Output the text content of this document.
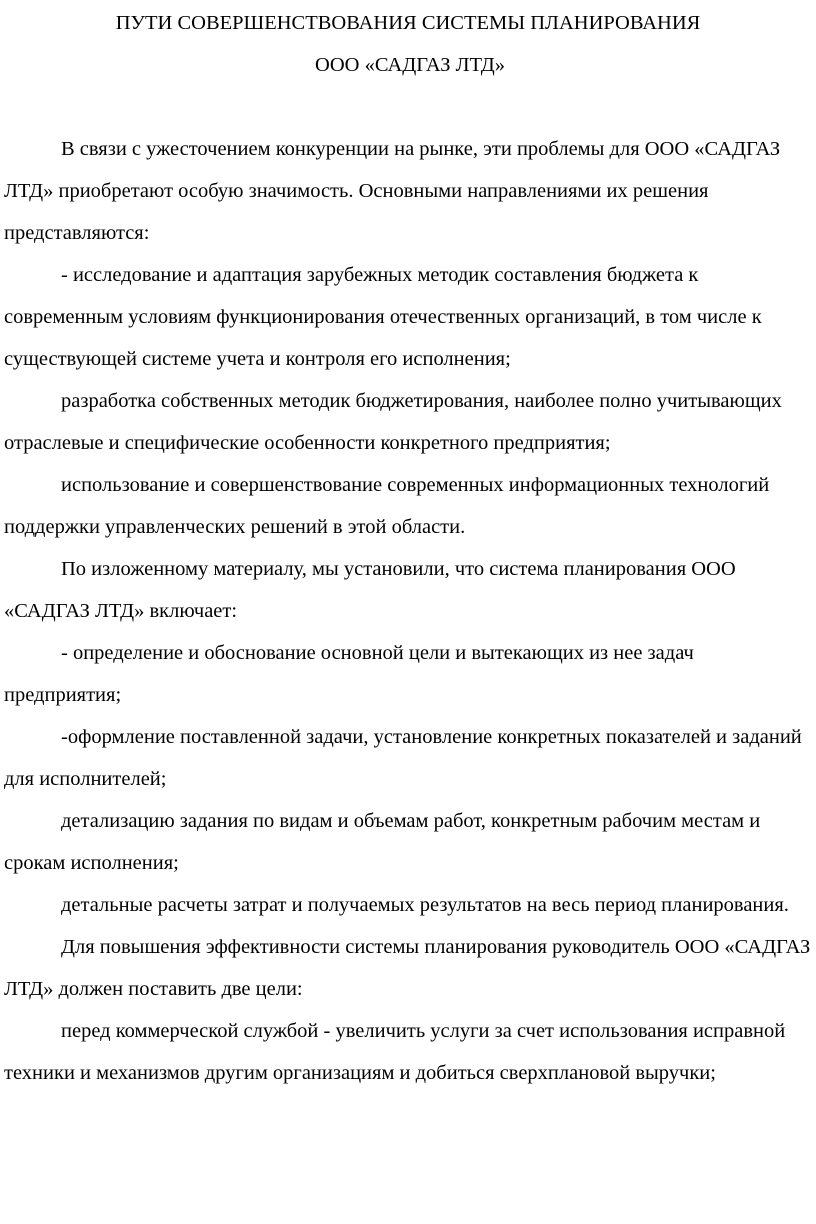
ПУТИ СОВЕРШЕНСТВОВАНИЯ СИСТЕМЫ ПЛАНИРОВАНИЯ
ООО «САДГАЗ ЛТД»

В связи с ужесточением конкуренции на рынке, эти проблемы для ООО «САДГАЗ ЛТД» приобретают особую значимость. Основными направлениями их решения представляются:

- исследование и адаптация зарубежных методик составления бюджета к современным условиям функционирования отечественных организаций, в том числе к существующей системе учета и контроля его исполнения;

разработка собственных методик бюджетирования, наиболее полно учитывающих отраслевые и специфические особенности конкретного предприятия;

использование и совершенствование современных информационных технологий поддержки управленческих решений в этой области.

По изложенному материалу, мы установили, что система планирования ООО «САДГАЗ ЛТД» включает:

- определение и обоснование основной цели и вытекающих из нее задач предприятия;

-оформление поставленной задачи, установление конкретных показателей и заданий для исполнителей;

детализацию задания по видам и объемам работ, конкретным рабочим местам и срокам исполнения;

детальные расчеты затрат и получаемых результатов на весь период планирования.

Для повышения эффективности системы планирования руководитель ООО «САДГАЗ ЛТД» должен поставить две цели:

перед коммерческой службой - увеличить услуги за счет использования исправной техники и механизмов другим организациям и добиться сверхплановой выручки;
